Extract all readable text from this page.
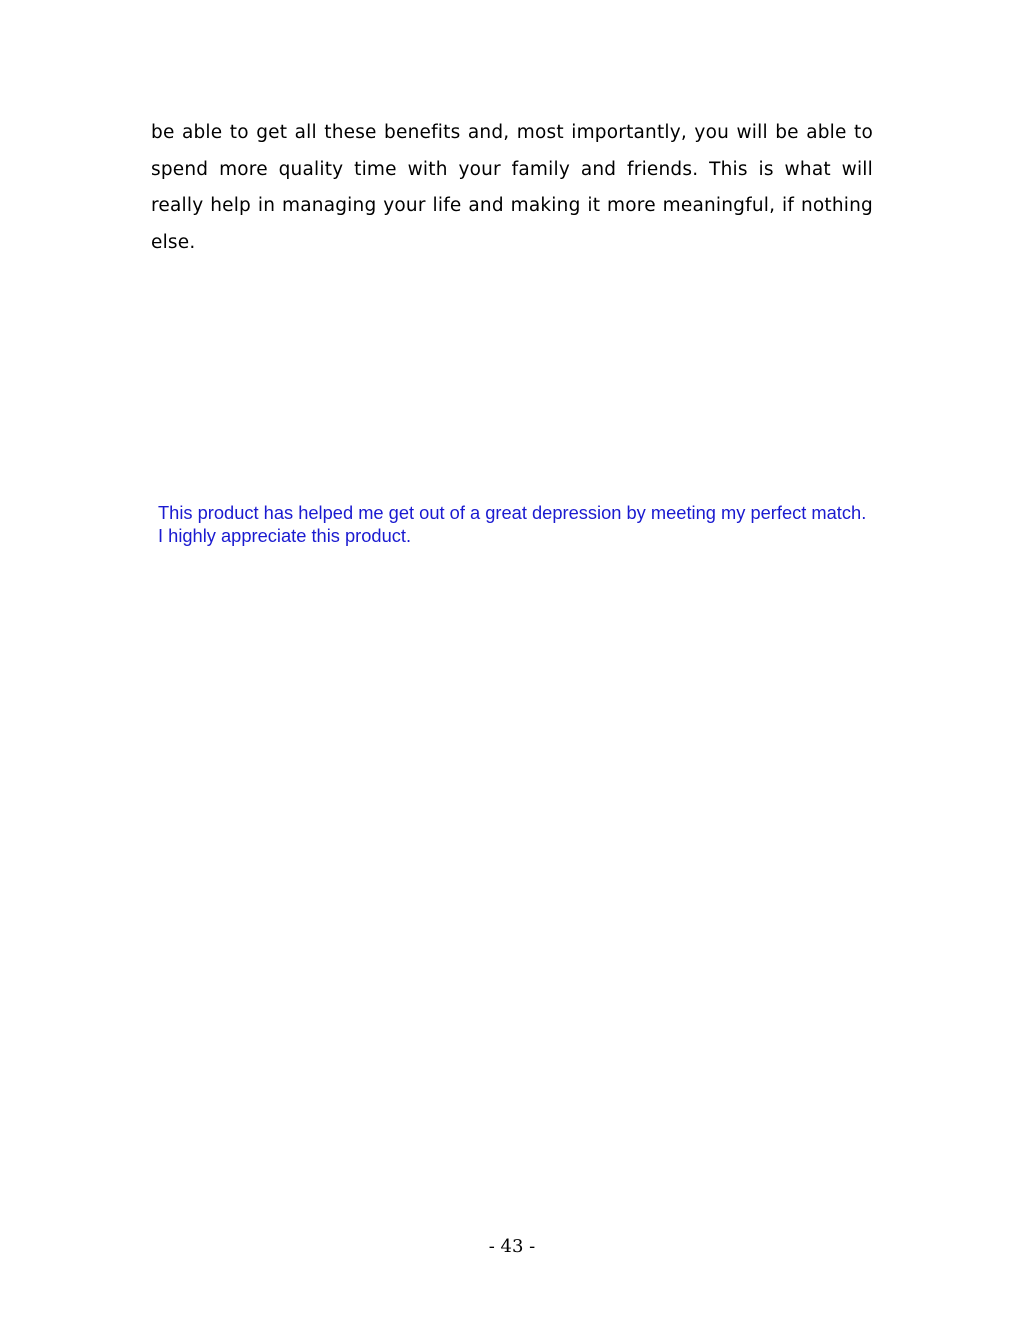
be able to get all these benefits and, most importantly, you will be able to spend more quality time with your family and friends. This is what will really help in managing your life and making it more meaningful, if nothing else.

This product has helped me get out of a great depression by meeting my perfect match.
I highly appreciate this product.
- 43 -
